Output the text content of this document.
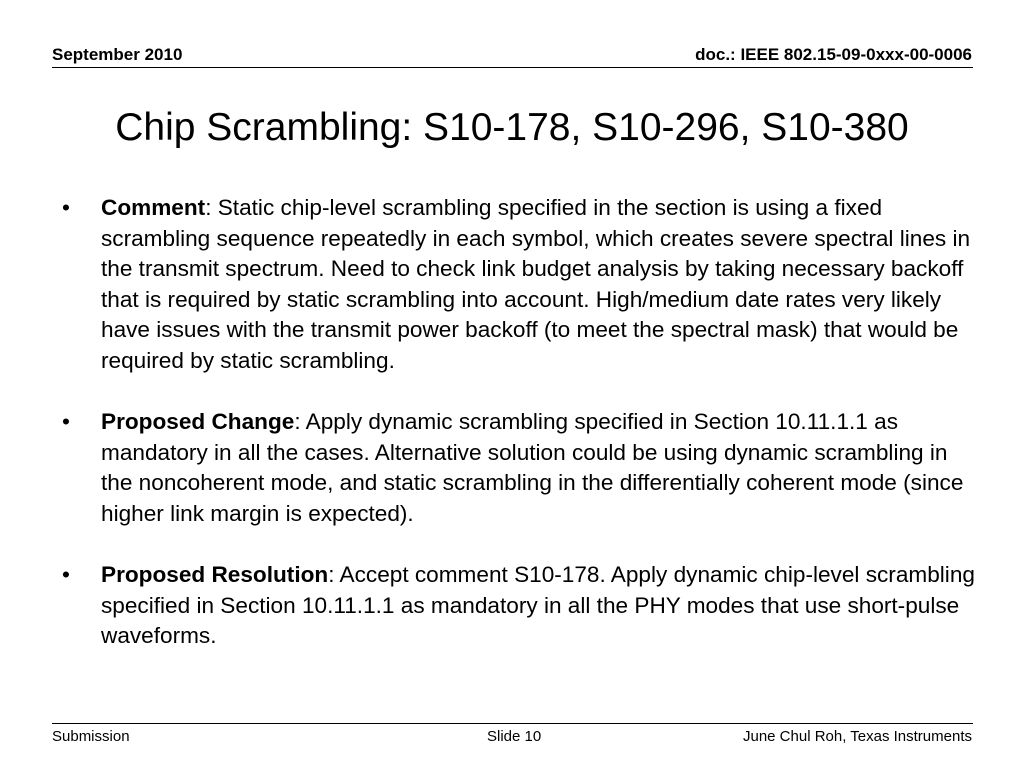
September 2010	doc.: IEEE 802.15-09-0xxx-00-0006
Chip Scrambling: S10-178, S10-296, S10-380
•	Comment: Static chip-level scrambling specified in the section is using a fixed scrambling sequence repeatedly in each symbol, which creates severe spectral lines in the transmit spectrum. Need to check link budget analysis by taking necessary backoff that is required by static scrambling into account. High/medium date rates very likely have issues with the transmit power backoff (to meet the spectral mask) that would be required by static scrambling.
•	Proposed Change: Apply dynamic scrambling specified in Section 10.11.1.1 as mandatory in all the cases. Alternative solution could be using dynamic scrambling in the noncoherent mode, and static scrambling in the differentially coherent mode (since higher link margin is expected).
•	Proposed Resolution: Accept comment S10-178. Apply dynamic chip-level scrambling specified in Section 10.11.1.1 as mandatory in all the PHY modes that use short-pulse waveforms.
Submission	Slide 10	June Chul Roh, Texas Instruments
